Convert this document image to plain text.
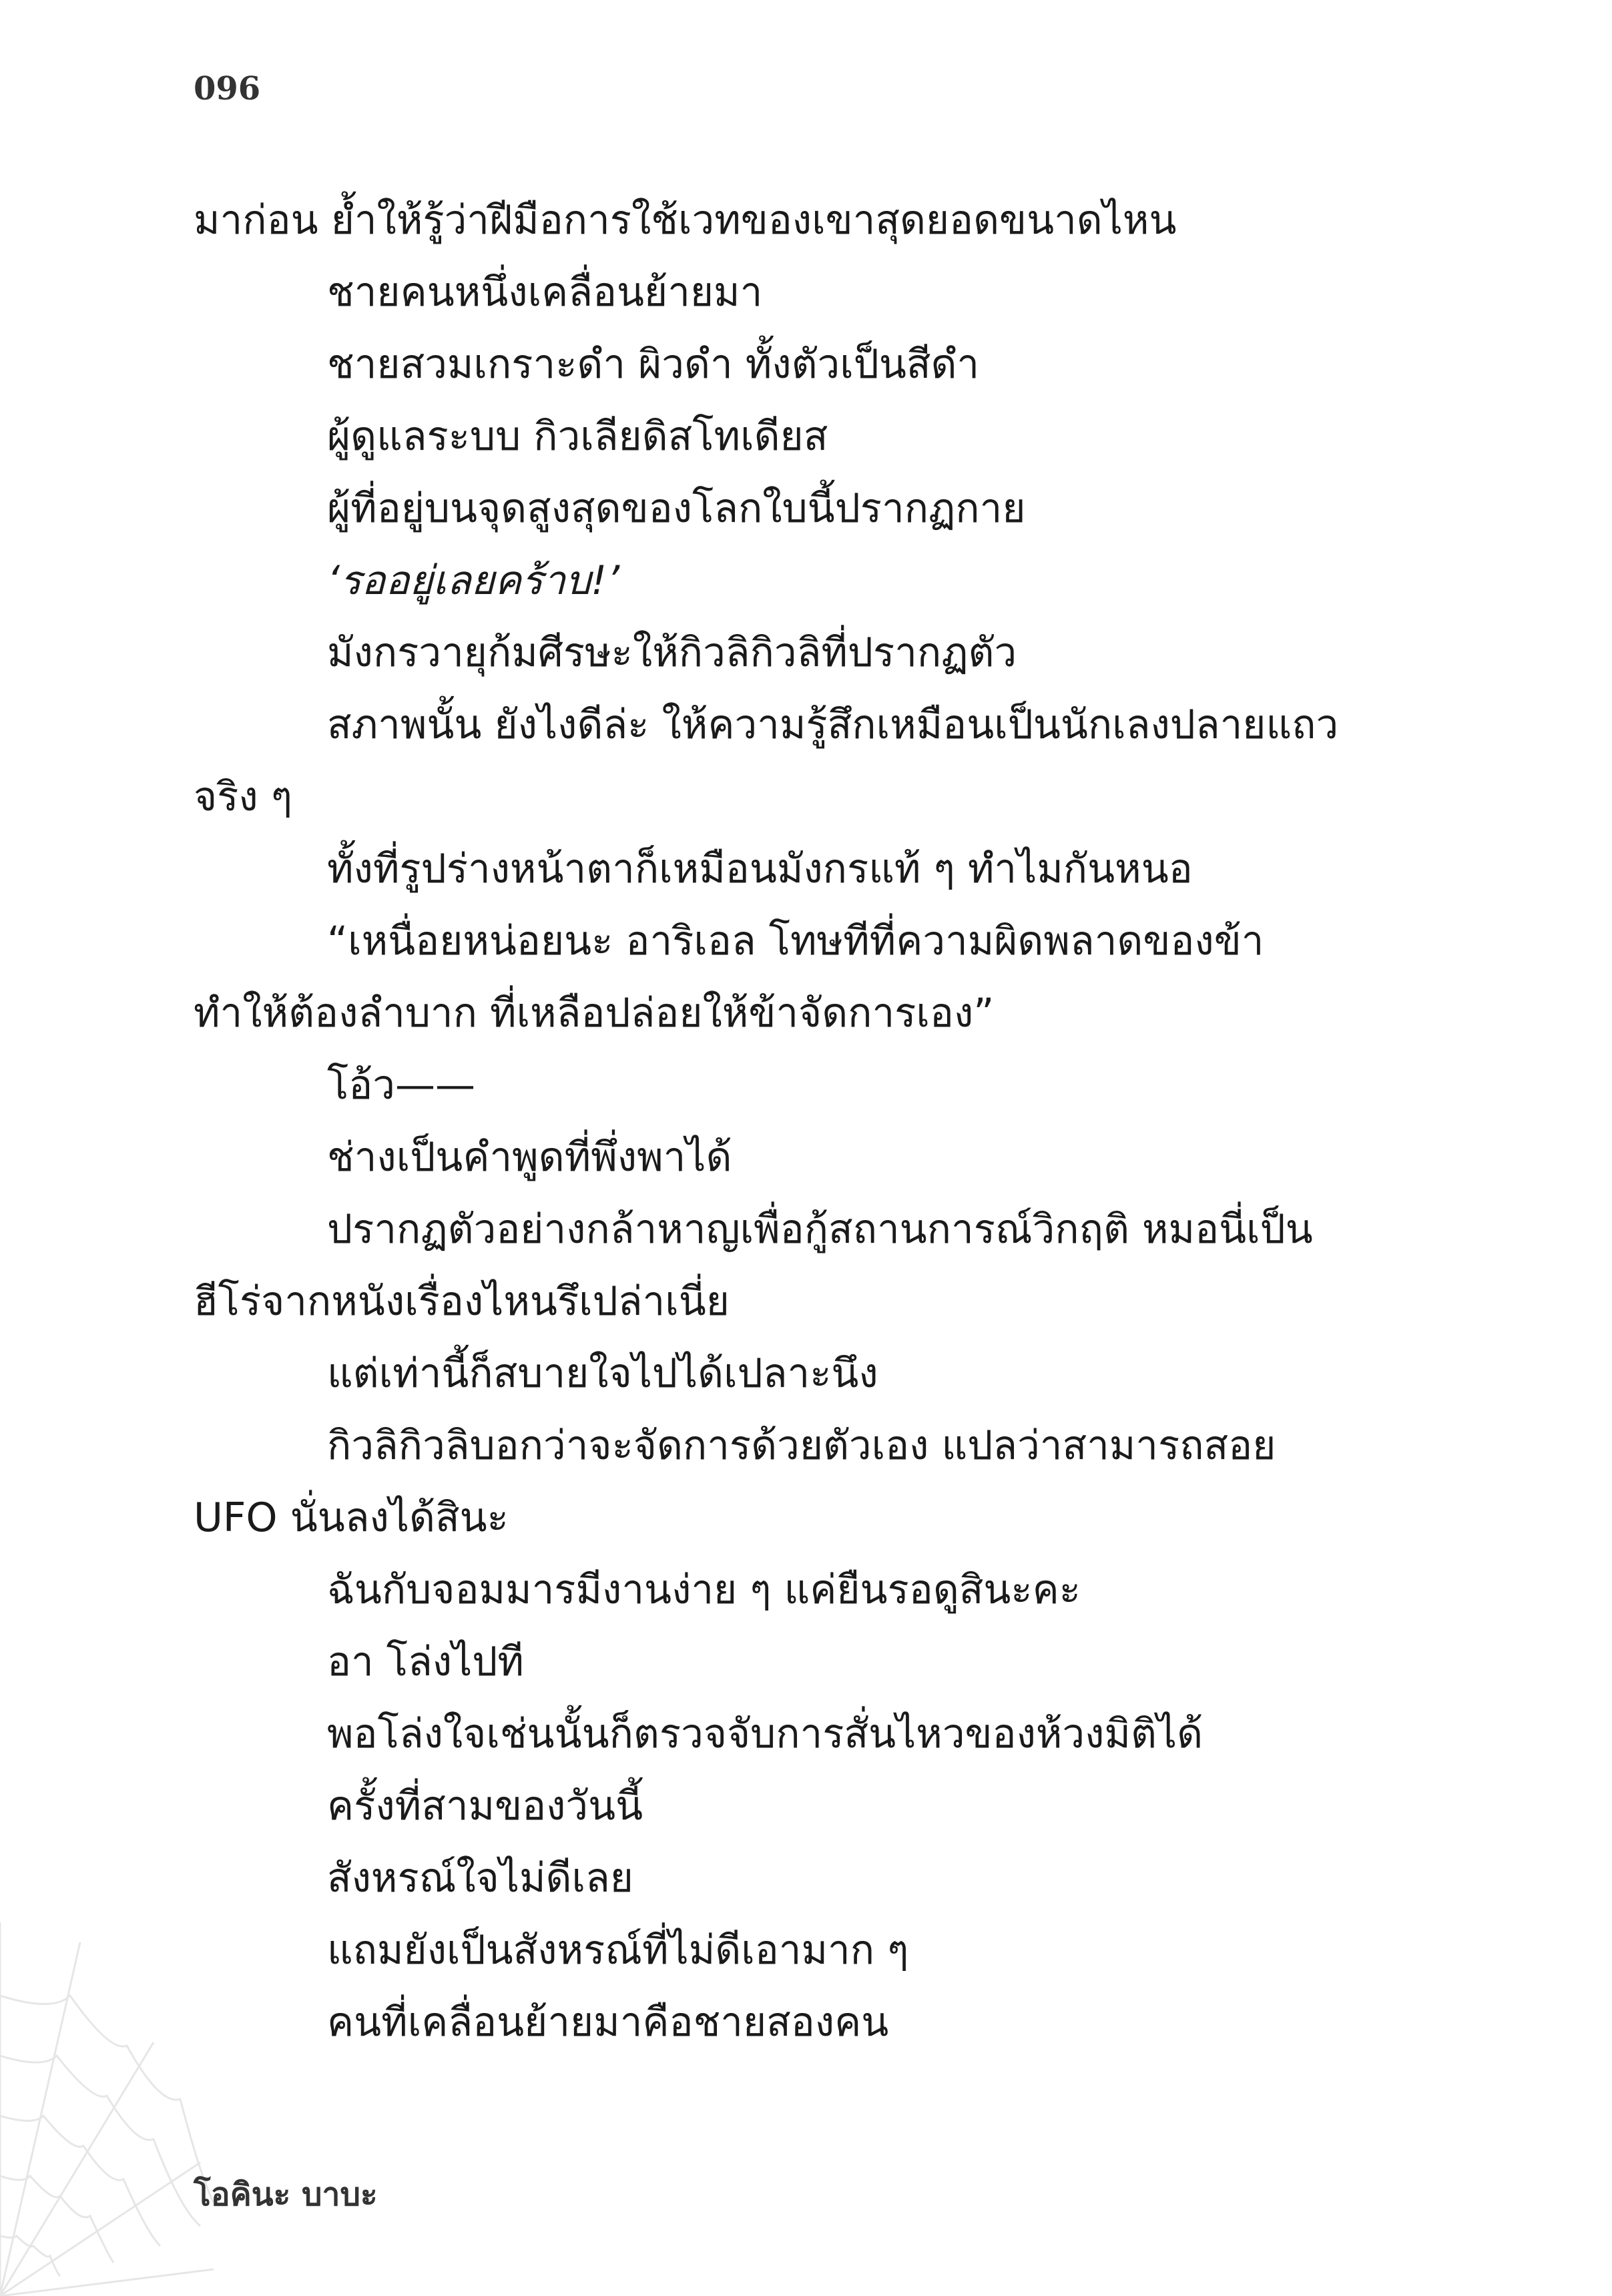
096
มาก่อน ย้ำให้รู้ว่าฝีมือการใช้เวทของเขาสุดยอดขนาดไหน
ชายคนหนึ่งเคลื่อนย้ายมา
ชายสวมเกราะดำ ผิวดำ ทั้งตัวเป็นสีดำ
ผู้ดูแลระบบ กิวเลียดิสโทเดียส
ผู้ที่อยู่บนจุดสูงสุดของโลกใบนี้ปรากฏกาย
‘รออยู่เลยคร้าบ!’
มังกรวายุก้มศีรษะให้กิวลิกิวลิที่ปรากฏตัว
สภาพนั้น ยังไงดีล่ะ ให้ความรู้สึกเหมือนเป็นนักเลงปลายแถว
จริง ๆ
ทั้งที่รูปร่างหน้าตาก็เหมือนมังกรแท้ ๆ ทำไมกันหนอ
“เหนื่อยหน่อยนะ อาริเอล โทษทีที่ความผิดพลาดของข้า
ทำให้ต้องลำบาก ที่เหลือปล่อยให้ข้าจัดการเอง”
โอ้ว——
ช่างเป็นคำพูดที่พึ่งพาได้
ปรากฏตัวอย่างกล้าหาญเพื่อกู้สถานการณ์วิกฤติ หมอนี่เป็น
ฮีโร่จากหนังเรื่องไหนรึเปล่าเนี่ย
แต่เท่านี้ก็สบายใจไปได้เปลาะนึง
กิวลิกิวลิบอกว่าจะจัดการด้วยตัวเอง แปลว่าสามารถสอย
UFO นั่นลงได้สินะ
ฉันกับจอมมารมีงานง่าย ๆ แค่ยืนรอดูสินะคะ
อา โล่งไปที
พอโล่งใจเช่นนั้นก็ตรวจจับการสั่นไหวของห้วงมิติได้
ครั้งที่สามของวันนี้
สังหรณ์ใจไม่ดีเลย
แถมยังเป็นสังหรณ์ที่ไม่ดีเอามาก ๆ
คนที่เคลื่อนย้ายมาคือชายสองคน
โอคินะ บาบะ
